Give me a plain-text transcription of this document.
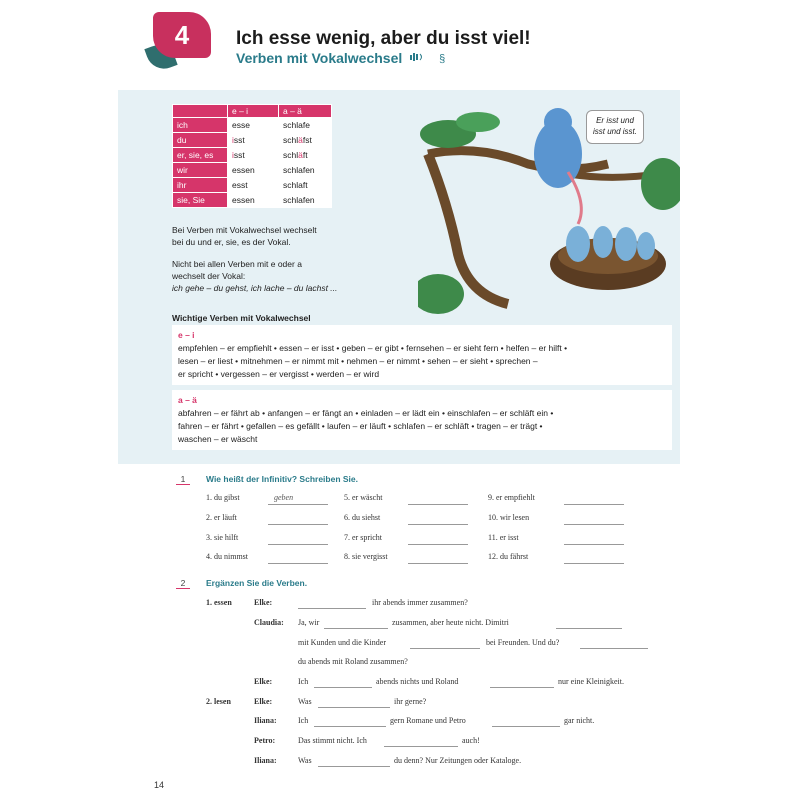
4 Ich esse wenig, aber du isst viel!
Verben mit Vokalwechsel	§
	e – i	a – ä
ich	esse	schlafe
du	isst	schläfst
er, sie, es	isst	schläft
wir	essen	schlafen
ihr	esst	schlaft
sie, Sie	essen	schlafen
Bei Verben mit Vokalwechsel wechselt
bei du und er, sie, es der Vokal.
Nicht bei allen Verben mit e oder a
wechselt der Vokal:
ich gehe – du gehst, ich lache – du lachst ...
Er isst und
isst und isst.
Wichtige Verben mit Vokalwechsel
e – i
empfehlen – er empfiehlt • essen – er isst • geben – er gibt • fernsehen – er sieht fern • helfen – er hilft •
lesen – er liest • mitnehmen – er nimmt mit • nehmen – er nimmt • sehen – er sieht • sprechen –
er spricht • vergessen – er vergisst • werden – er wird
a – ä
abfahren – er fährt ab • anfangen – er fängt an • einladen – er lädt ein • einschlafen – er schläft ein •
fahren – er fährt • gefallen – es gefällt • laufen – er läuft • schlafen – er schläft • tragen – er trägt •
waschen – er wäscht
1	Wie heißt der Infinitiv? Schreiben Sie.
1. du gibst	geben
2. er läuft
3. sie hilft
4. du nimmst
5. er wäscht
6. du siehst
7. er spricht
8. sie vergisst
9. er empfiehlt
10. wir lesen
11. er isst
12. du fährst
2	Ergänzen Sie die Verben.
1. essen	Elke:	ihr abends immer zusammen?
Claudia: Ja, wir	zusammen, aber heute nicht. Dimitri
mit Kunden und die Kinder	bei Freunden. Und du?
du abends mit Roland zusammen?
Elke:	Ich	abends nichts und Roland	nur eine Kleinigkeit.
2. lesen	Elke:	Was	ihr gerne?
Iliana:	Ich	gern Romane und Petro	gar nicht.
Petro:	Das stimmt nicht. Ich	auch!
Iliana:	Was	du denn? Nur Zeitungen oder Kataloge.
14
